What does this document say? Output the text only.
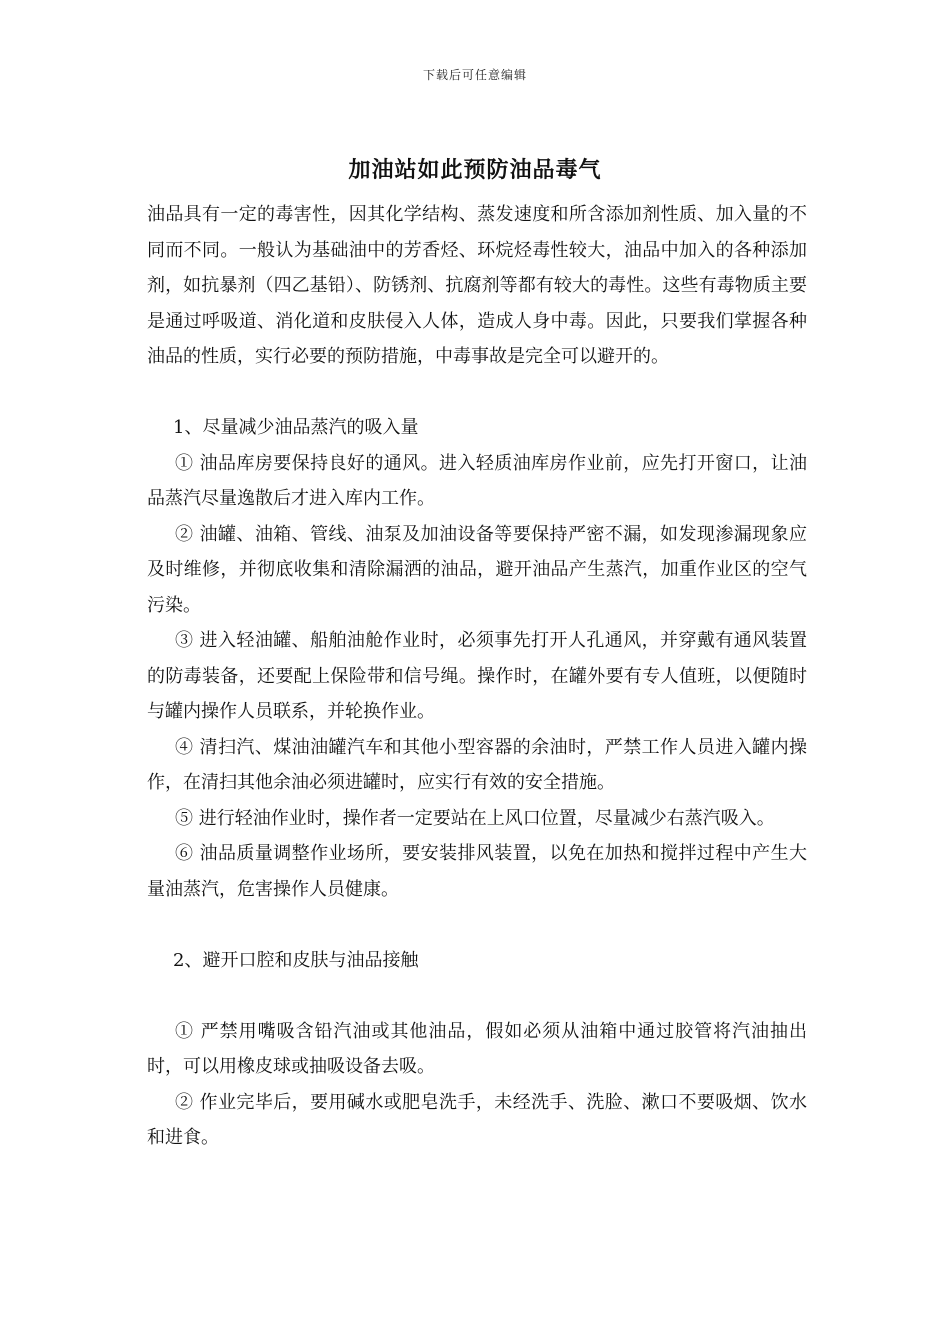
下载后可任意编辑
加油站如此预防油品毒气

油品具有一定的毒害性，因其化学结构、蒸发速度和所含添加剂性质、加入量的不同而不同。一般认为基础油中的芳香烃、环烷烃毒性较大，油品中加入的各种添加剂，如抗暴剂（四乙基铅）、防锈剂、抗腐剂等都有较大的毒性。这些有毒物质主要是通过呼吸道、消化道和皮肤侵入人体，造成人身中毒。因此，只要我们掌握各种油品的性质，实行必要的预防措施，中毒事故是完全可以避开的。

1、尽量减少油品蒸汽的吸入量

① 油品库房要保持良好的通风。进入轻质油库房作业前，应先打开窗口，让油品蒸汽尽量逸散后才进入库内工作。

② 油罐、油箱、管线、油泵及加油设备等要保持严密不漏，如发现渗漏现象应及时维修，并彻底收集和清除漏洒的油品，避开油品产生蒸汽，加重作业区的空气污染。

③ 进入轻油罐、船舶油舱作业时，必须事先打开人孔通风，并穿戴有通风装置的防毒装备，还要配上保险带和信号绳。操作时，在罐外要有专人值班，以便随时与罐内操作人员联系，并轮换作业。

④ 清扫汽、煤油油罐汽车和其他小型容器的余油时，严禁工作人员进入罐内操作，在清扫其他余油必须进罐时，应实行有效的安全措施。

⑤ 进行轻油作业时，操作者一定要站在上风口位置，尽量减少右蒸汽吸入。

⑥ 油品质量调整作业场所，要安装排风装置，以免在加热和搅拌过程中产生大量油蒸汽，危害操作人员健康。

2、避开口腔和皮肤与油品接触

① 严禁用嘴吸含铅汽油或其他油品，假如必须从油箱中通过胶管将汽油抽出时，可以用橡皮球或抽吸设备去吸。

② 作业完毕后，要用碱水或肥皂洗手，未经洗手、洗脸、漱口不要吸烟、饮水和进食。
